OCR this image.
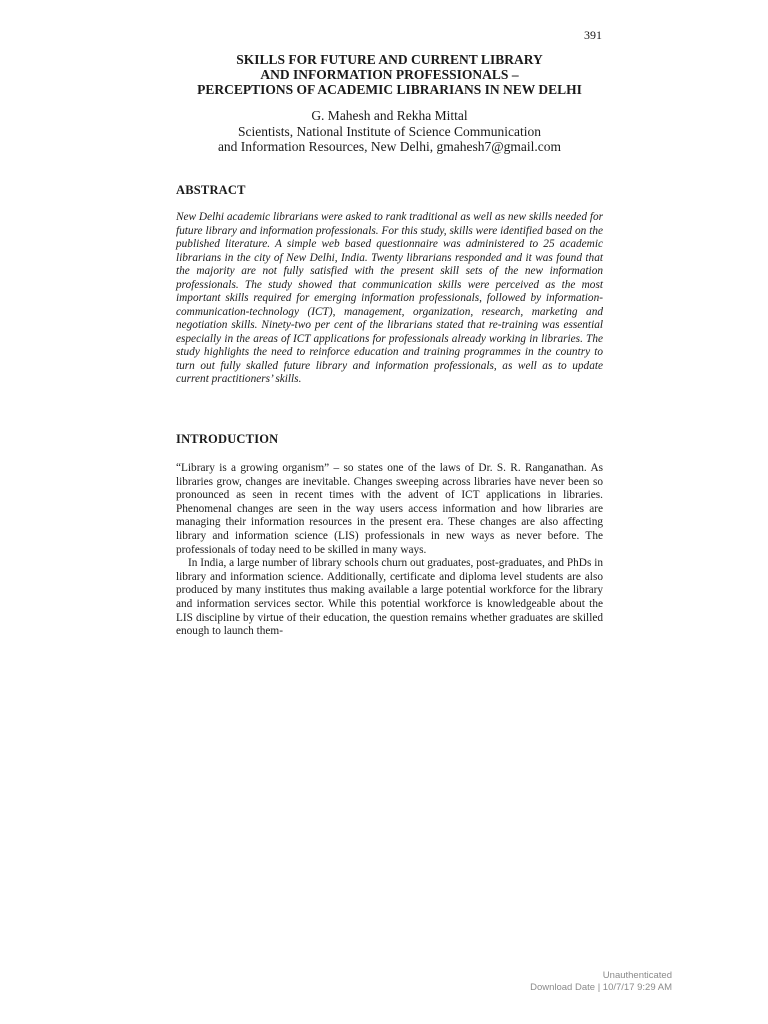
391
SKILLS FOR FUTURE AND CURRENT LIBRARY
AND INFORMATION PROFESSIONALS –
PERCEPTIONS OF ACADEMIC LIBRARIANS IN NEW DELHI
G. Mahesh and Rekha Mittal
Scientists, National Institute of Science Communication
and Information Resources, New Delhi, gmahesh7@gmail.com
ABSTRACT

New Delhi academic librarians were asked to rank traditional as well as new skills needed for future library and information professionals. For this study, skills were identified based on the published literature. A simple web based questionnaire was administered to 25 academic librarians in the city of New Delhi, India. Twenty librarians responded and it was found that the majority are not fully satisfied with the present skill sets of the new information professionals. The study showed that communication skills were perceived as the most important skills required for emerging information professionals, followed by information-communication-technology (ICT), management, organization, research, marketing and negotiation skills. Ninety-two per cent of the librarians stated that re-training was essential especially in the areas of ICT applications for professionals already working in libraries. The study highlights the need to reinforce education and training programmes in the country to turn out fully skalled future library and information professionals, as well as to update current practitioners’ skills.

INTRODUCTION

“Library is a growing organism” – so states one of the laws of Dr. S. R. Ranganathan. As libraries grow, changes are inevitable. Changes sweeping across libraries have never been so pronounced as seen in recent times with the advent of ICT applications in libraries. Phenomenal changes are seen in the way users access information and how libraries are managing their information resources in the present era. These changes are also affecting library and information science (LIS) professionals in new ways as never before. The professionals of today need to be skilled in many ways.

In India, a large number of library schools churn out graduates, post-graduates, and PhDs in library and information science. Additionally, certificate and diploma level students are also produced by many institutes thus making available a large potential workforce for the library and information services sector. While this potential workforce is knowledgeable about the LIS discipline by virtue of their education, the question remains whether graduates are skilled enough to launch them-

Unauthenticated
Download Date | 10/7/17 9:29 AM
